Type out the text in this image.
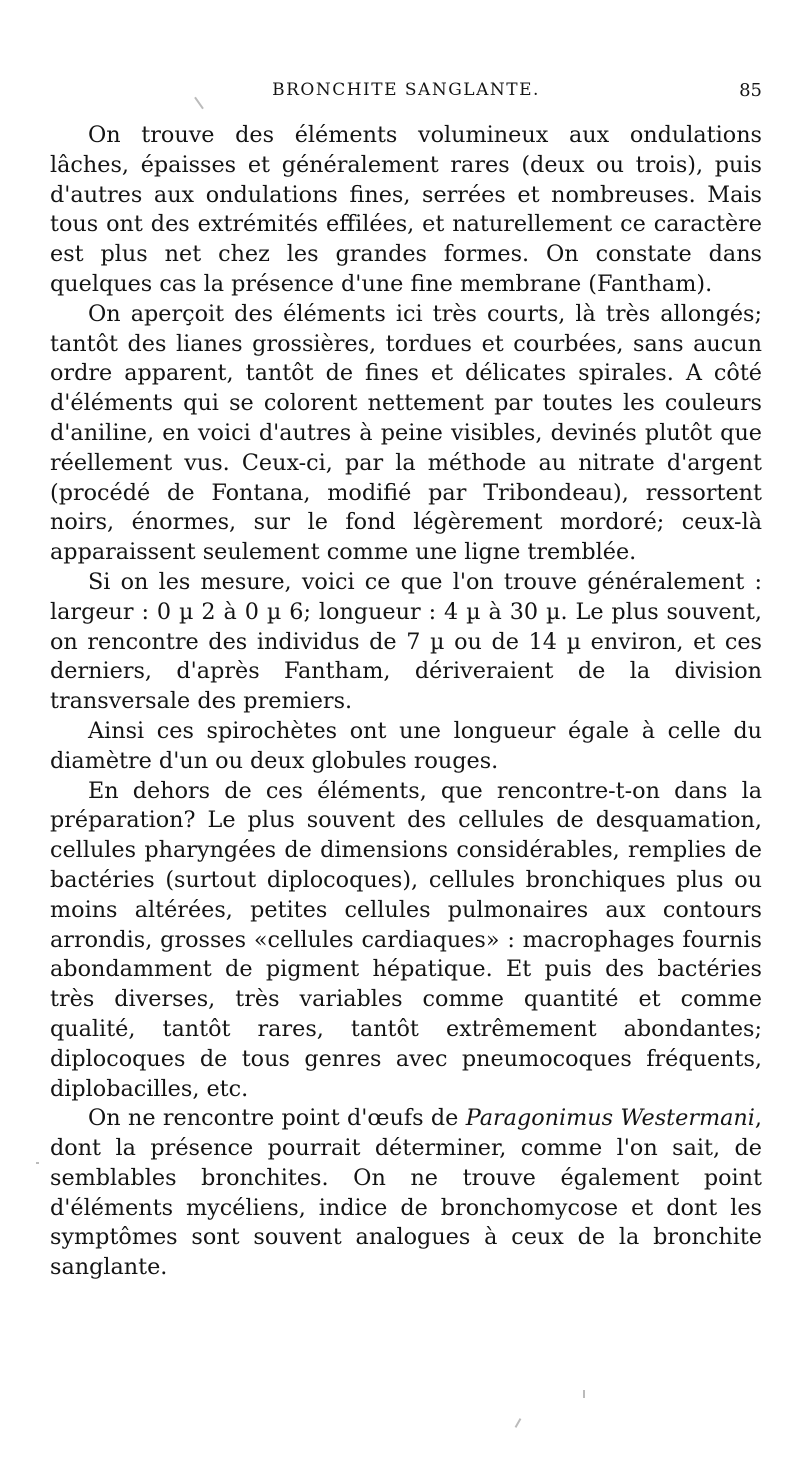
BRONCHITE SANGLANTE.	85

On trouve des éléments volumineux aux ondulations lâches, épaisses et généralement rares (deux ou trois), puis d'autres aux ondulations fines, serrées et nombreuses. Mais tous ont des extrémités effilées, et naturellement ce caractère est plus net chez les grandes formes. On constate dans quelques cas la présence d'une fine membrane (Fantham).

On aperçoit des éléments ici très courts, là très allongés; tantôt des lianes grossières, tordues et courbées, sans aucun ordre apparent, tantôt de fines et délicates spirales. A côté d'éléments qui se colorent nettement par toutes les couleurs d'aniline, en voici d'autres à peine visibles, devinés plutôt que réellement vus. Ceux-ci, par la méthode au nitrate d'argent (procédé de Fontana, modifié par Tribondeau), ressortent noirs, énormes, sur le fond légèrement mordoré; ceux-là apparaissent seulement comme une ligne tremblée.

Si on les mesure, voici ce que l'on trouve généralement : largeur : 0 µ 2 à 0 µ 6; longueur : 4 µ à 30 µ. Le plus souvent, on rencontre des individus de 7 µ ou de 14 µ environ, et ces derniers, d'après Fantham, dériveraient de la division transversale des premiers.

Ainsi ces spirochètes ont une longueur égale à celle du diamètre d'un ou deux globules rouges.

En dehors de ces éléments, que rencontre-t-on dans la préparation? Le plus souvent des cellules de desquamation, cellules pharyngées de dimensions considérables, remplies de bactéries (surtout diplocoques), cellules bronchiques plus ou moins altérées, petites cellules pulmonaires aux contours arrondis, grosses «cellules cardiaques» : macrophages fournis abondamment de pigment hépatique. Et puis des bactéries très diverses, très variables comme quantité et comme qualité, tantôt rares, tantôt extrêmement abondantes; diplocoques de tous genres avec pneumocoques fréquents, diplobacilles, etc.

On ne rencontre point d'œufs de Paragonimus Westermani, dont la présence pourrait déterminer, comme l'on sait, de semblables bronchites. On ne trouve également point d'éléments mycéliens, indice de bronchomycose et dont les symptômes sont souvent analogues à ceux de la bronchite sanglante.
